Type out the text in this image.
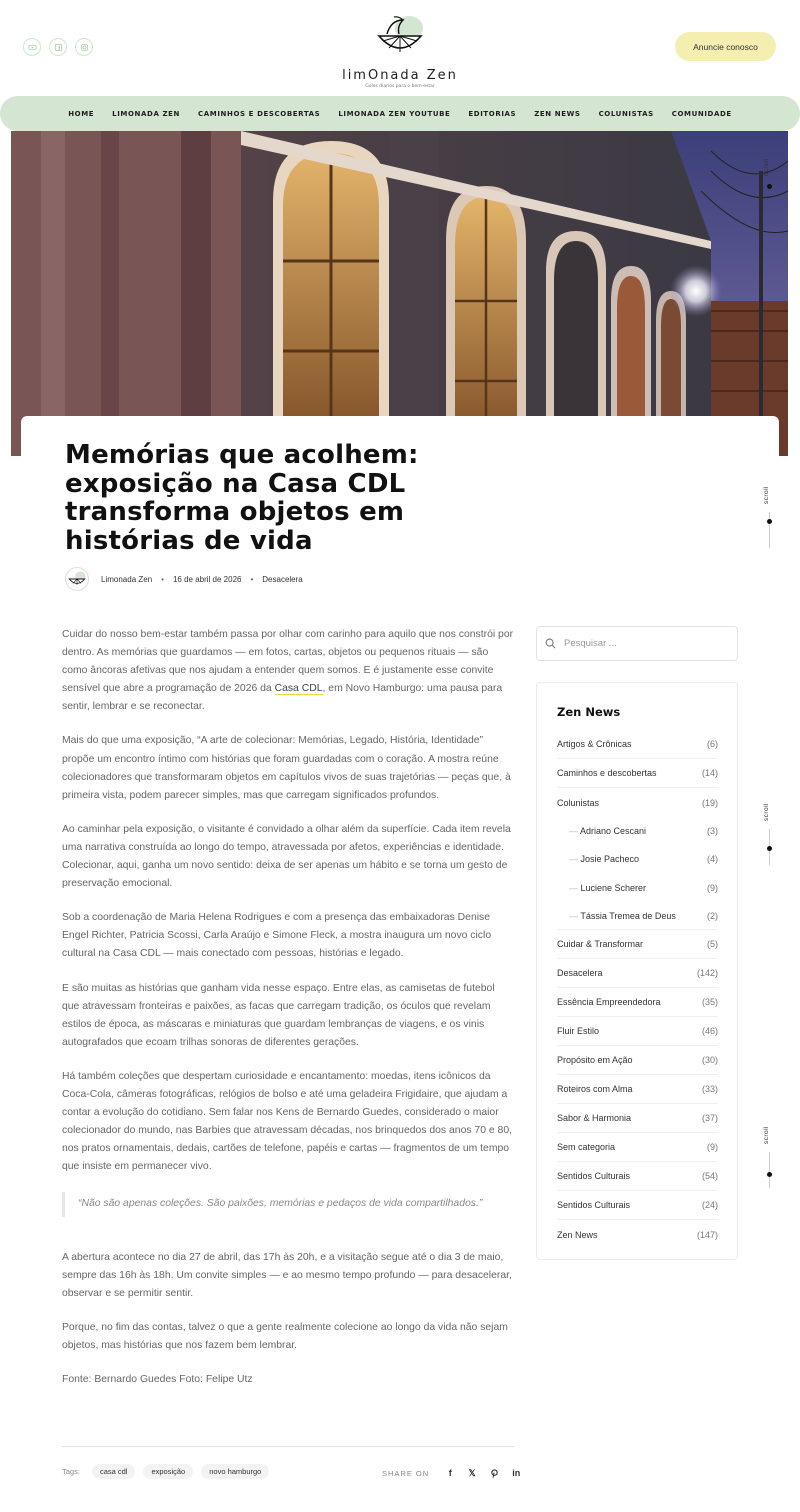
limOnada Zen
Goles diarios para o bem-estar
Anuncie conosco
HOME	LIMONADA ZEN	CAMINHOS E DESCOBERTAS	LIMONADA ZEN YOUTUBE	EDITORIAS	ZEN NEWS	COLUNISTAS	COMUNIDADE
scroll
Memórias que acolhem: exposição na Casa CDL transforma objetos em histórias de vida
Limonada Zen • 16 de abril de 2026 • Desacelera
scroll

Cuidar do nosso bem-estar também passa por olhar com carinho para aquilo que nos constrói por dentro. As memórias que guardamos — em fotos, cartas, objetos ou pequenos rituais — são como âncoras afetivas que nos ajudam a entender quem somos. E é justamente esse convite sensível que abre a programação de 2026 da Casa CDL, em Novo Hamburgo: uma pausa para sentir, lembrar e se reconectar.

Mais do que uma exposição, “A arte de colecionar: Memórias, Legado, História, Identidade” propõe um encontro íntimo com histórias que foram guardadas com o coração. A mostra reúne colecionadores que transformaram objetos em capítulos vivos de suas trajetórias — peças que, à primeira vista, podem parecer simples, mas que carregam significados profundos.

Ao caminhar pela exposição, o visitante é convidado a olhar além da superfície. Cada item revela uma narrativa construída ao longo do tempo, atravessada por afetos, experiências e identidade. Colecionar, aqui, ganha um novo sentido: deixa de ser apenas um hábito e se torna um gesto de preservação emocional.

Sob a coordenação de Maria Helena Rodrigues e com a presença das embaixadoras Denise Engel Richter, Patricia Scossi, Carla Araújo e Simone Fleck, a mostra inaugura um novo ciclo cultural na Casa CDL — mais conectado com pessoas, histórias e legado.

E são muitas as histórias que ganham vida nesse espaço. Entre elas, as camisetas de futebol que atravessam fronteiras e paixões, as facas que carregam tradição, os óculos que revelam estilos de época, as máscaras e miniaturas que guardam lembranças de viagens, e os vinis autografados que ecoam trilhas sonoras de diferentes gerações.

Há também coleções que despertam curiosidade e encantamento: moedas, itens icônicos da Coca-Cola, câmeras fotográficas, relógios de bolso e até uma geladeira Frigidaire, que ajudam a contar a evolução do cotidiano. Sem falar nos Kens de Bernardo Guedes, considerado o maior colecionador do mundo, nas Barbies que atravessam décadas, nos brinquedos dos anos 70 e 80, nos pratos ornamentais, dedais, cartões de telefone, papéis e cartas — fragmentos de um tempo que insiste em permanecer vivo.

“Não são apenas coleções. São paixões, memórias e pedaços de vida compartilhados.”

A abertura acontece no dia 27 de abril, das 17h às 20h, e a visitação segue até o dia 3 de maio, sempre das 16h às 18h. Um convite simples — e ao mesmo tempo profundo — para desacelerar, observar e se permitir sentir.

Porque, no fim das contas, talvez o que a gente realmente colecione ao longo da vida não sejam objetos, mas histórias que nos fazem bem lembrar.

Fonte: Bernardo Guedes Foto: Felipe Utz

Tags:	casa cdl	exposição	novo hamburgo	SHARE ON	f	𝕏	in
Pesquisar ...
Zen News
Artigos & Crônicas	(6)
Caminhos e descobertas	(14)
Colunistas	(19)
— Adriano Cescani	(3)
— Josie Pacheco	(4)
— Luciene Scherer	(9)
— Tássia Tremea de Deus	(2)
Cuidar & Transformar	(5)
Desacelera	(142)
Essência Empreendedora	(35)
Fluir Estilo	(46)
Propósito em Ação	(30)
Roteiros com Alma	(33)
Sabor & Harmonia	(37)
Sem categoria	(9)
Sentidos Culturais	(54)
Sentidos Culturais	(24)
Zen News	(147)
scroll
scroll
